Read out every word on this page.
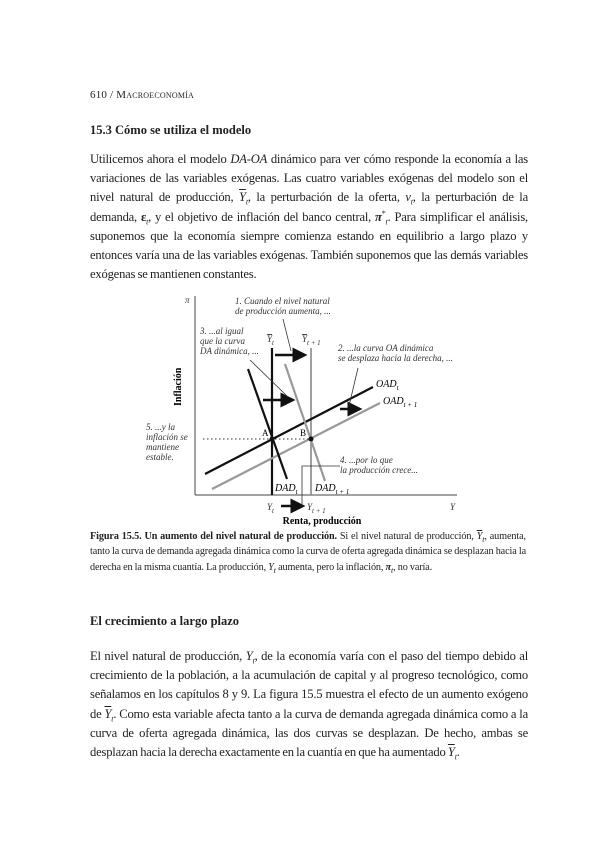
610 / Macroeconomía
15.3 Cómo se utiliza el modelo
Utilicemos ahora el modelo DA-OA dinámico para ver cómo responde la economía a las variaciones de las variables exógenas. Las cuatro variables exógenas del modelo son el nivel natural de producción, $\overline{Y}_t$, la perturbación de la oferta, $v_t$, la perturbación de la demanda, $\varepsilon_t$, y el objetivo de inflación del banco central, $\pi^*_t$. Para simplificar el análisis, suponemos que la economía siempre comienza estando en equilibrio a largo plazo y entonces varía una de las variables exógenas. También suponemos que las demás variables exógenas se mantienen constantes.
π
Y
Inflación
Renta, producción
A	B
$Y_t$	$Y_{t + 1}$
$OAD_t$
$OAD_{t + 1}$
$DAD_t$ $DAD_{t + 1}$
$Y_t$	$Y_{t + 1}$
1. Cuando el nivel natural de producción aumenta, ...
2. ...la curva OA dinámica se desplaza hacia la derecha, ...
3. ...al igual que la curva DA dinámica, ...
4. ...por lo que la producción crece...
5. ...y la inflación se mantiene estable.
Figura 15.5. Un aumento del nivel natural de producción. Si el nivel natural de producción, $\overline{Y}_t$, aumenta, tanto la curva de demanda agregada dinámica como la curva de oferta agregada dinámica se desplazan hacia la derecha en la misma cuantía. La producción, $Y_t$ aumenta, pero la inflación, $\pi_t$, no varía.
El crecimiento a largo plazo
El nivel natural de producción, $Y_t$, de la economía varía con el paso del tiempo debido al crecimiento de la población, a la acumulación de capital y al progreso tecnológico, como señalamos en los capítulos 8 y 9. La figura 15.5 muestra el efecto de un aumento exógeno de $\overline{Y}_t$. Como esta variable afecta tanto a la curva de demanda agregada dinámica como a la curva de oferta agregada dinámica, las dos curvas se desplazan. De hecho, ambas se desplazan hacia la derecha exactamente en la cuantía en que ha aumentado $\overline{Y}_t$.
